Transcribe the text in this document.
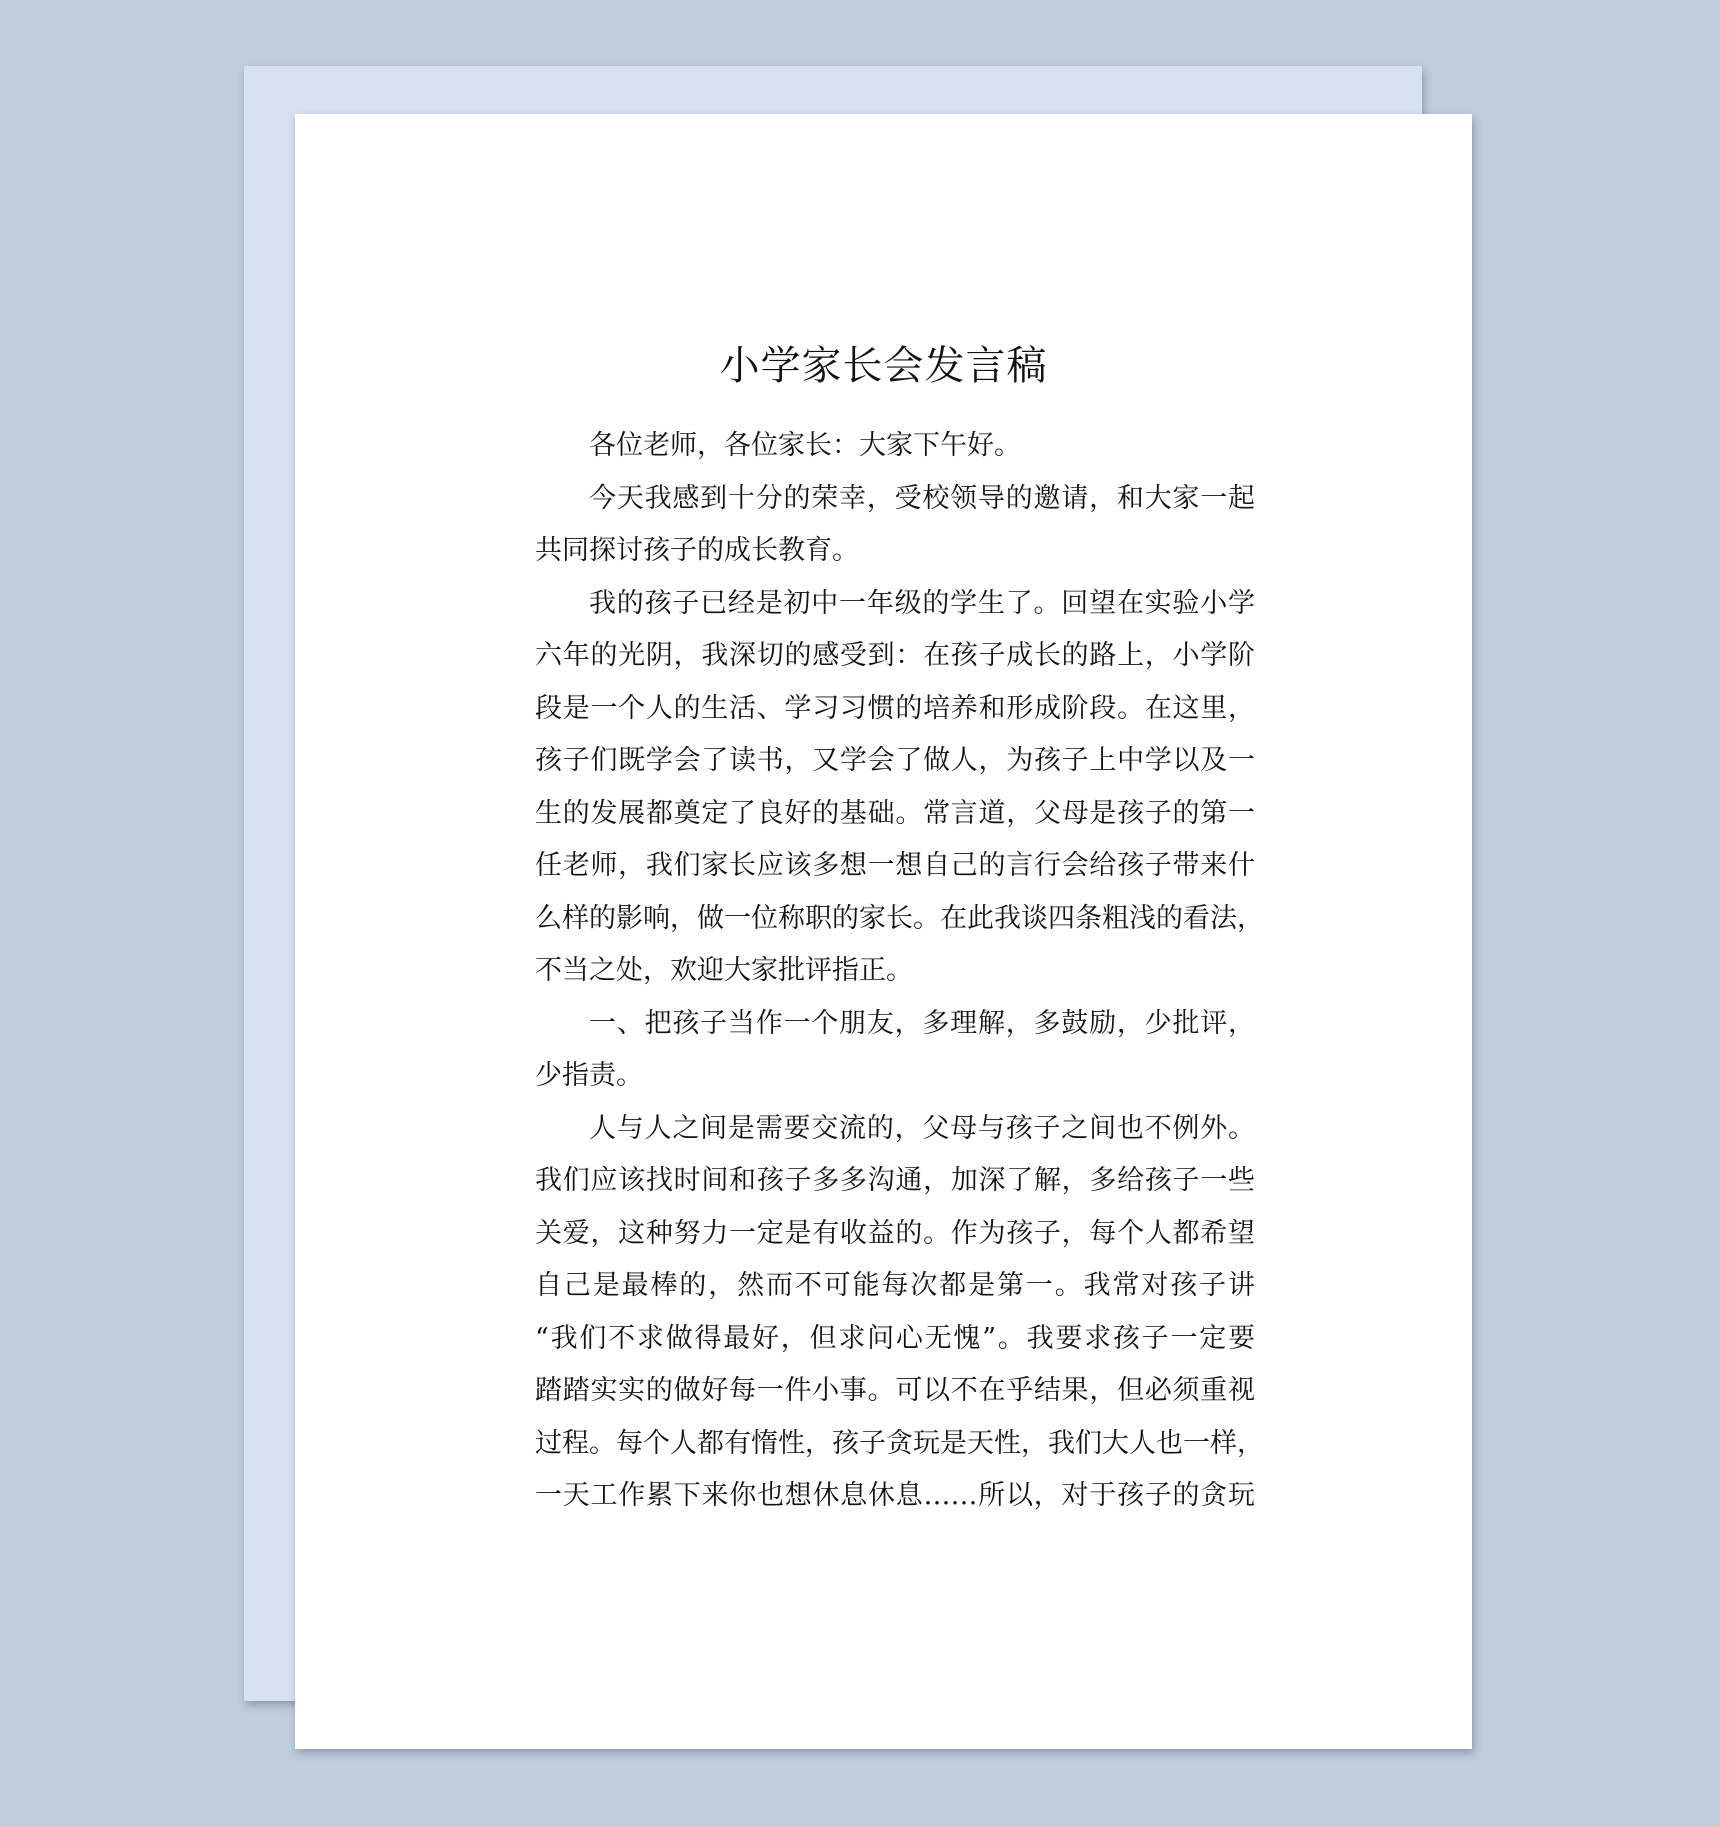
小学家长会发言稿
各位老师，各位家长：大家下午好。
今天我感到十分的荣幸，受校领导的邀请，和大家一起
共同探讨孩子的成长教育。
我的孩子已经是初中一年级的学生了。回望在实验小学
六年的光阴，我深切的感受到：在孩子成长的路上，小学阶
段是一个人的生活、学习习惯的培养和形成阶段。在这里，
孩子们既学会了读书，又学会了做人，为孩子上中学以及一
生的发展都奠定了良好的基础。常言道，父母是孩子的第一
任老师，我们家长应该多想一想自己的言行会给孩子带来什
么样的影响，做一位称职的家长。在此我谈四条粗浅的看法，
不当之处，欢迎大家批评指正。
一、把孩子当作一个朋友，多理解，多鼓励，少批评，
少指责。
人与人之间是需要交流的，父母与孩子之间也不例外。
我们应该找时间和孩子多多沟通，加深了解，多给孩子一些
关爱，这种努力一定是有收益的。作为孩子，每个人都希望
自己是最棒的，然而不可能每次都是第一。我常对孩子讲
“我们不求做得最好，但求问心无愧”。我要求孩子一定要
踏踏实实的做好每一件小事。可以不在乎结果，但必须重视
过程。每个人都有惰性，孩子贪玩是天性，我们大人也一样，
一天工作累下来你也想休息休息……所以，对于孩子的贪玩
